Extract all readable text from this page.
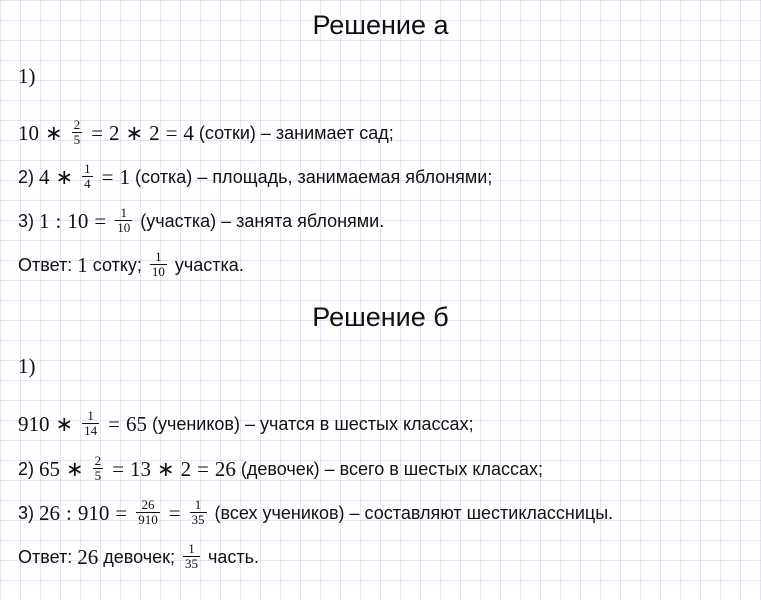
Решение а
1)
10 ∗ $\frac{2}{5} = 2$ ∗ 2 = 4 (сотки) – занимает сад;
2) 4 ∗ $\frac{1}{4} = 1$ (сотка) – площадь, занимаемая яблонями;
3) 1 : $10 = \frac{1}{10}$ (участка) – занята яблонями.
Ответ: 1 сотку; $\frac{1}{10}$ участка.
Решение б
1)
910 ∗ $\frac{1}{14} = 65$ (учеников) – учатся в шестых классах;
2) 65 ∗ $\frac{2}{5} = 13$ ∗ 2 = 26 (девочек) – всего в шестых классах;
3) 26 : $910 = \frac{26}{910} = \frac{1}{35}$ (всех учеников) – составляют шестиклассницы.
Ответ: 26 девочек; $\frac{1}{35}$ часть.
